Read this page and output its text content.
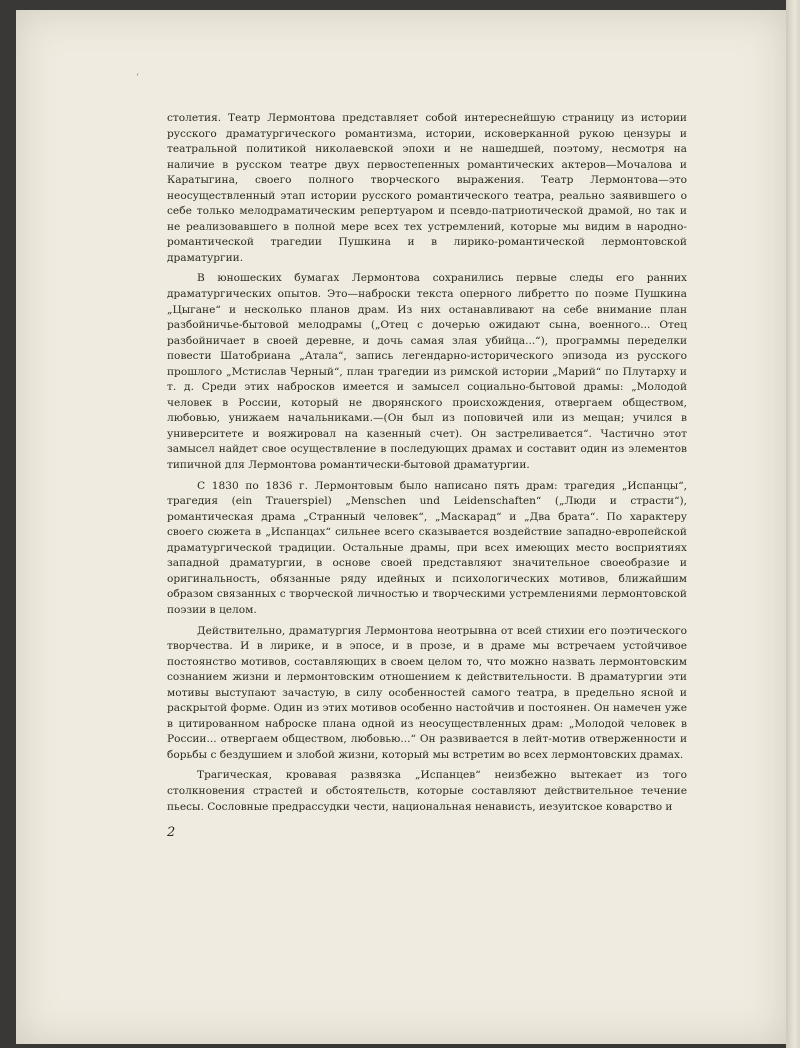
‘

столетия. Театр Лермонтова представляет собой интереснейшую страницу из истории русского драматургического романтизма, истории, исковерканной рукою цензуры и театральной политикой николаевской эпохи и не нашедшей, поэтому, несмотря на наличие в русском театре двух первостепенных романтических актеров—Мочалова и Каратыгина, своего полного творческого выражения. Театр Лермонтова—это неосуществленный этап истории русского романтического театра, реально заявившего о себе только мелодраматическим репертуаром и псевдо-патриотической драмой, но так и не реализовавшего в полной мере всех тех устремлений, которые мы видим в народно-романтической трагедии Пушкина и в лирико-романтической лермонтовской драматургии.

В юношеских бумагах Лермонтова сохранились первые следы его ранних драматургических опытов. Это—наброски текста оперного либретто по поэме Пушкина „Цыгане“ и несколько планов драм. Из них останавливают на себе внимание план разбойничье-бытовой мелодрамы („Отец с дочерью ожидают сына, военного... Отец разбойничает в своей деревне, и дочь самая злая убийца...“), программы переделки повести Шатобриана „Атала“, запись легендарно-исторического эпизода из русского прошлого „Мстислав Черный“, план трагедии из римской истории „Марий“ по Плутарху и т. д. Среди этих набросков имеется и замысел социально-бытовой драмы: „Молодой человек в России, который не дворянского происхождения, отвергаем обществом, любовью, унижаем начальниками.—(Он был из поповичей или из мещан; учился в университете и вояжировал на казенный счет). Он застреливается“. Частично этот замысел найдет свое осуществление в последующих драмах и составит один из элементов типичной для Лермонтова романтически-бытовой драматургии.

С 1830 по 1836 г. Лермонтовым было написано пять драм: трагедия „Испанцы“, трагедия (ein Trauerspiel) „Menschen und Leidenschaften“ („Люди и страсти“), романтическая драма „Странный человек“, „Маскарад“ и „Два брата“. По характеру своего сюжета в „Испанцах“ сильнее всего сказывается воздействие западно-европейской драматургической традиции. Остальные драмы, при всех имеющих место восприятиях западной драматургии, в основе своей представляют значительное своеобразие и оригинальность, обязанные ряду идейных и психологических мотивов, ближайшим образом связанных с творческой личностью и творческими устремлениями лермонтовской поэзии в целом.

Действительно, драматургия Лермонтова неотрывна от всей стихии его поэтического творчества. И в лирике, и в эпосе, и в прозе, и в драме мы встречаем устойчивое постоянство мотивов, составляющих в своем целом то, что можно назвать лермонтовским сознанием жизни и лермонтовским отношением к действительности. В драматургии эти мотивы выступают зачастую, в силу особенностей самого театра, в предельно ясной и раскрытой форме. Один из этих мотивов особенно настойчив и постоянен. Он намечен уже в цитированном наброске плана одной из неосуществленных драм: „Молодой человек в России... отвергаем обществом, любовью...“ Он развивается в лейт-мотив отверженности и борьбы с бездушием и злобой жизни, который мы встретим во всех лермонтовских драмах.

Трагическая, кровавая развязка „Испанцев“ неизбежно вытекает из того столкновения страстей и обстоятельств, которые составляют действительное течение пьесы. Сословные предрассудки чести, национальная ненависть, иезуитское коварство и

2
